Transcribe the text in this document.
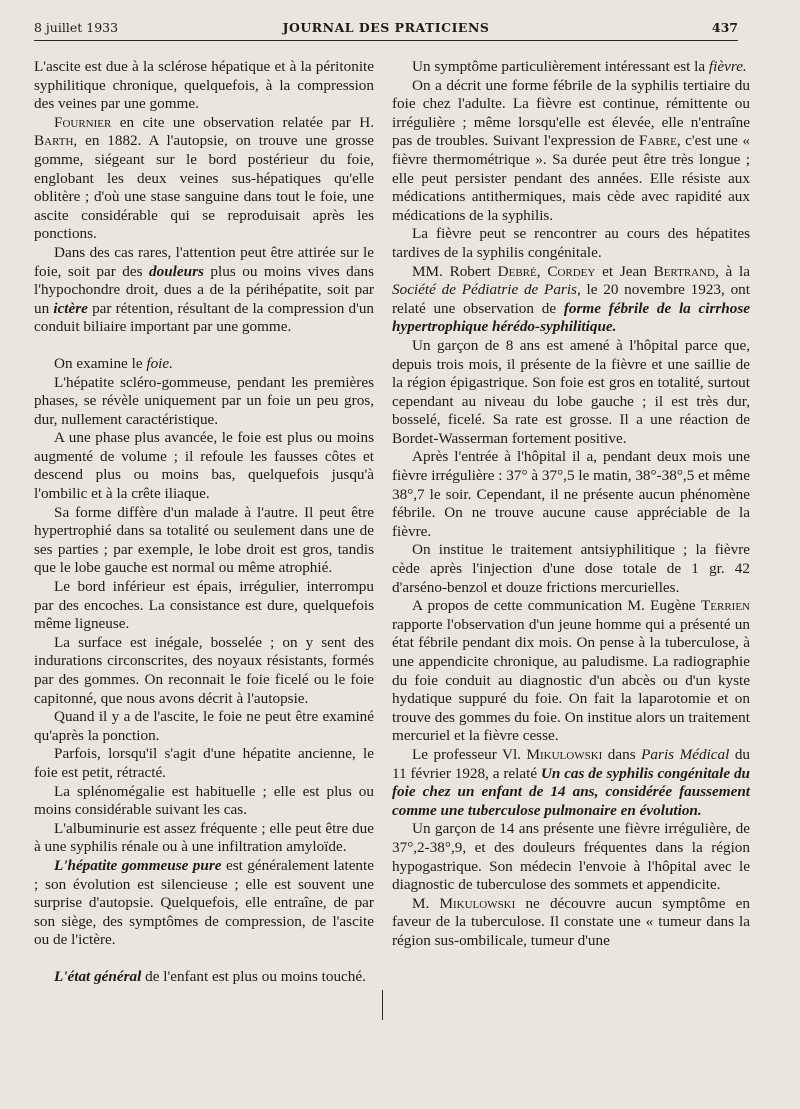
8 juillet 1933	JOURNAL DES PRATICIENS	437

L'ascite est due à la sclérose hépatique et à la péritonite syphilitique chronique, quelquefois, à la compression des veines par une gomme.

Fournier en cite une observation relatée par H. Barth, en 1882. A l'autopsie, on trouve une grosse gomme, siégeant sur le bord postérieur du foie, englobant les deux veines sus-hépatiques qu'elle oblitère ; d'où une stase sanguine dans tout le foie, une ascite considérable qui se reproduisait après les ponctions.

Dans des cas rares, l'attention peut être attirée sur le foie, soit par des douleurs plus ou moins vives dans l'hypochondre droit, dues a de la périhépatite, soit par un ictère par rétention, résultant de la compression d'un conduit biliaire important par une gomme.

On examine le foie.

L'hépatite scléro-gommeuse, pendant les premières phases, se révèle uniquement par un foie un peu gros, dur, nullement caractéristique.

A une phase plus avancée, le foie est plus ou moins augmenté de volume ; il refoule les fausses côtes et descend plus ou moins bas, quelquefois jusqu'à l'ombilic et à la crête iliaque.

Sa forme diffère d'un malade à l'autre. Il peut être hypertrophié dans sa totalité ou seulement dans une de ses parties ; par exemple, le lobe droit est gros, tandis que le lobe gauche est normal ou même atrophié.

Le bord inférieur est épais, irrégulier, interrompu par des encoches. La consistance est dure, quelquefois même ligneuse.

La surface est inégale, bosselée ; on y sent des indurations circonscrites, des noyaux résistants, formés par des gommes. On reconnait le foie ficelé ou le foie capitonné, que nous avons décrit à l'autopsie.

Quand il y a de l'ascite, le foie ne peut être examiné qu'après la ponction.

Parfois, lorsqu'il s'agit d'une hépatite ancienne, le foie est petit, rétracté.

La splénomégalie est habituelle ; elle est plus ou moins considérable suivant les cas.

L'albuminurie est assez fréquente ; elle peut être due à une syphilis rénale ou à une infiltration amyloïde.

L'hépatite gommeuse pure est généralement latente ; son évolution est silencieuse ; elle est souvent une surprise d'autopsie. Quelquefois, elle entraîne, de par son siège, des symptômes de compression, de l'ascite ou de l'ictère.

L'état général de l'enfant est plus ou moins touché.

Un symptôme particulièrement intéressant est la fièvre.

On a décrit une forme fébrile de la syphilis tertiaire du foie chez l'adulte. La fièvre est continue, rémittente ou irrégulière ; même lorsqu'elle est élevée, elle n'entraîne pas de troubles. Suivant l'expression de Fabre, c'est une « fièvre thermométrique ». Sa durée peut être très longue ; elle peut persister pendant des années. Elle résiste aux médications antithermiques, mais cède avec rapidité aux médications de la syphilis.

La fièvre peut se rencontrer au cours des hépatites tardives de la syphilis congénitale.

MM. Robert Debré, Cordey et Jean Bertrand, à la Société de Pédiatrie de Paris, le 20 novembre 1923, ont relaté une observation de forme fébrile de la cirrhose hypertrophique hérédo-syphilitique.

Un garçon de 8 ans est amené à l'hôpital parce que, depuis trois mois, il présente de la fièvre et une saillie de la région épigastrique. Son foie est gros en totalité, surtout cependant au niveau du lobe gauche ; il est très dur, bosselé, ficelé. Sa rate est grosse. Il a une réaction de Bordet-Wasserman fortement positive.

Après l'entrée à l'hôpital il a, pendant deux mois une fièvre irrégulière : 37° à 37°,5 le matin, 38°-38°,5 et même 38°,7 le soir. Cependant, il ne présente aucun phénomène fébrile. On ne trouve aucune cause appréciable de la fièvre.

On institue le traitement antsiyphilitique ; la fièvre cède après l'injection d'une dose totale de 1 gr. 42 d'arséno-benzol et douze frictions mercurielles.

A propos de cette communication M. Eugène Terrien rapporte l'observation d'un jeune homme qui a présenté un état fébrile pendant dix mois. On pense à la tuberculose, à une appendicite chronique, au paludisme. La radiographie du foie conduit au diagnostic d'un abcès ou d'un kyste hydatique suppuré du foie. On fait la laparotomie et on trouve des gommes du foie. On institue alors un traitement mercuriel et la fièvre cesse.

Le professeur Vl. Mikulowski dans Paris Médical du 11 février 1928, a relaté Un cas de syphilis congénitale du foie chez un enfant de 14 ans, considérée faussement comme une tuberculose pulmonaire en évolution.

Un garçon de 14 ans présente une fièvre irrégulière, de 37°,2-38°,9, et des douleurs fréquentes dans la région hypogastrique. Son médecin l'envoie à l'hôpital avec le diagnostic de tuberculose des sommets et appendicite.

M. Mikulowski ne découvre aucun symptôme en faveur de la tuberculose. Il constate une « tumeur dans la région sus-ombilicale, tumeur d'une
